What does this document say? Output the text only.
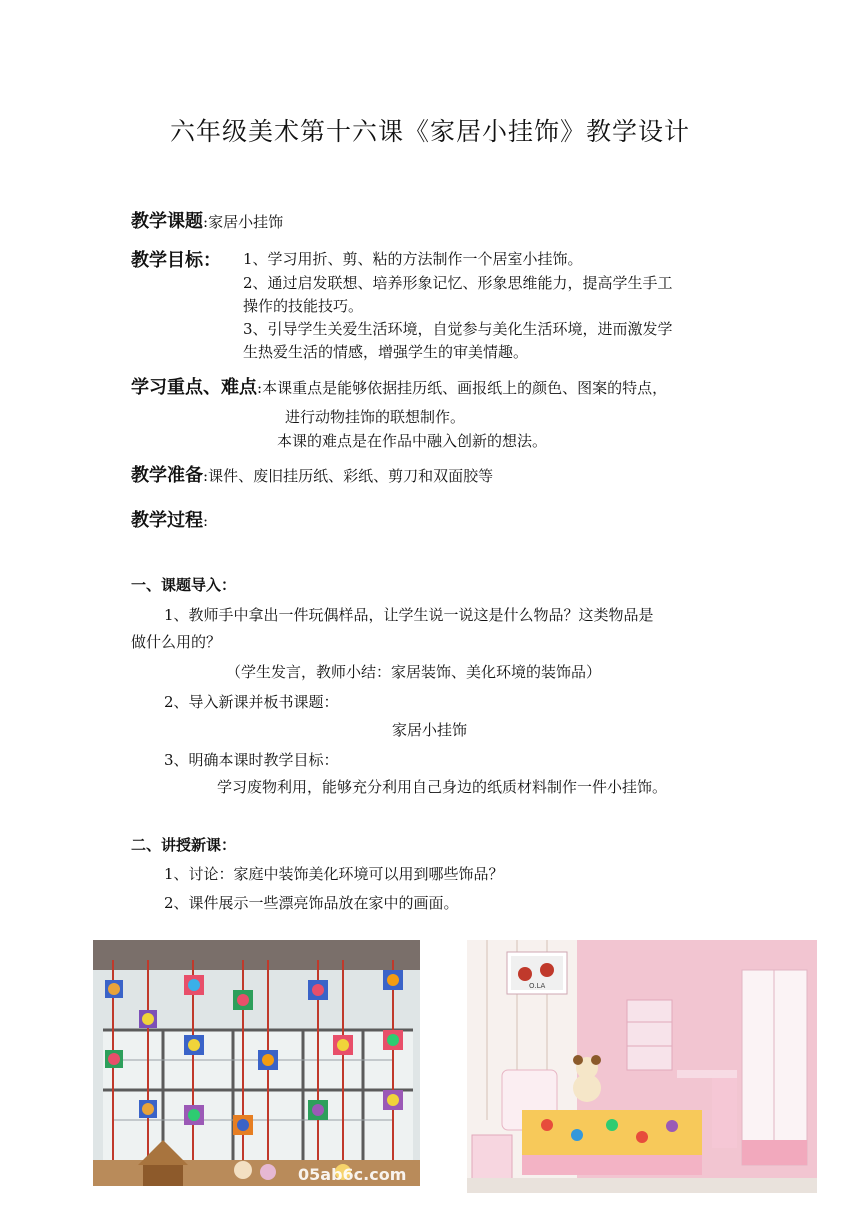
六年级美术第十六课《家居小挂饰》教学设计
教学课题:家居小挂饰
教学目标： 1、学习用折、剪、粘的方法制作一个居室小挂饰。
2、通过启发联想、培养形象记忆、形象思维能力，提高学生手工
操作的技能技巧。
3、引导学生关爱生活环境，自觉参与美化生活环境，进而激发学
生热爱生活的情感，增强学生的审美情趣。
学习重点、难点:本课重点是能够依据挂历纸、画报纸上的颜色、图案的特点，
进行动物挂饰的联想制作。
本课的难点是在作品中融入创新的想法。
教学准备:课件、废旧挂历纸、彩纸、剪刀和双面胶等
教学过程:
一、课题导入：
1、教师手中拿出一件玩偶样品，让学生说一说这是什么物品？这类物品是
做什么用的？
（学生发言，教师小结：家居装饰、美化环境的装饰品）
2、导入新课并板书课题：
家居小挂饰
3、明确本课时教学目标：
学习废物利用，能够充分利用自己身边的纸质材料制作一件小挂饰。
二、讲授新课：
1、讨论：家庭中装饰美化环境可以用到哪些饰品？
2、课件展示一些漂亮饰品放在家中的画面。
05ab6c.com
O.LA
